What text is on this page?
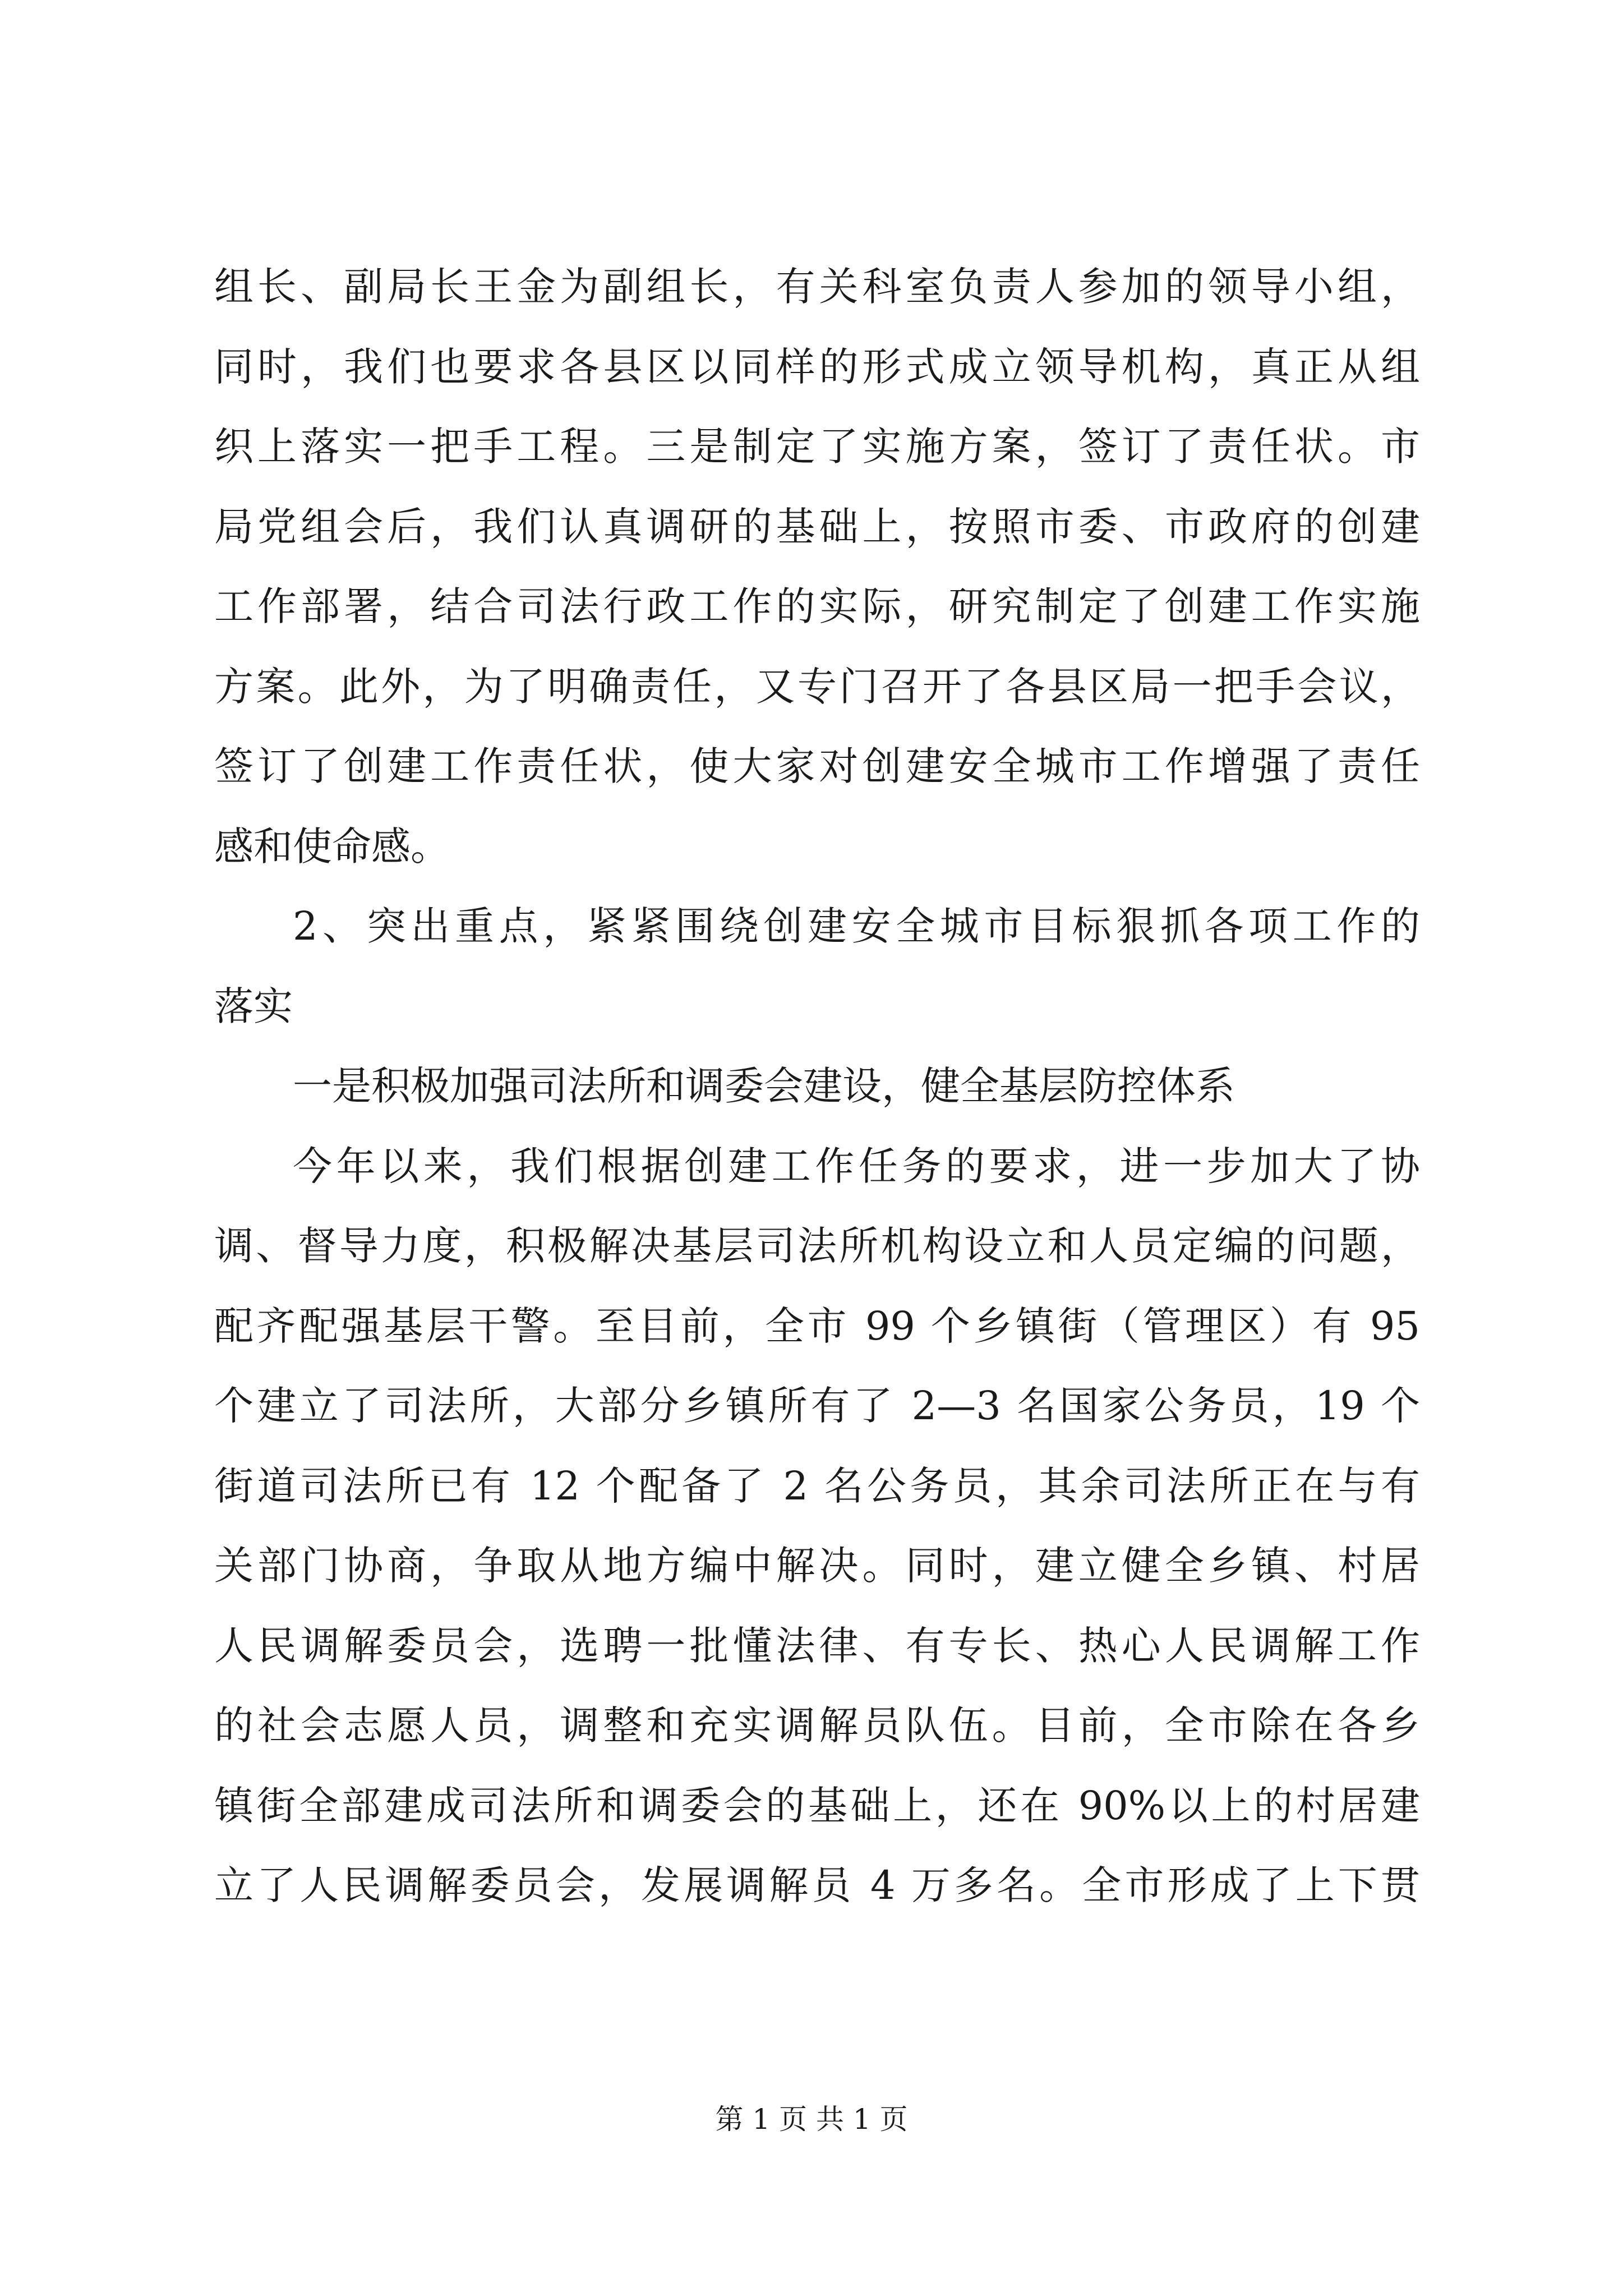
组长、副局长王金为副组长，有关科室负责人参加的领导小组，
同时，我们也要求各县区以同样的形式成立领导机构，真正从组
织上落实一把手工程。三是制定了实施方案，签订了责任状。市
局党组会后，我们认真调研的基础上，按照市委、市政府的创建
工作部署，结合司法行政工作的实际，研究制定了创建工作实施
方案。此外，为了明确责任，又专门召开了各县区局一把手会议，
签订了创建工作责任状，使大家对创建安全城市工作增强了责任
感和使命感。
2、突出重点，紧紧围绕创建安全城市目标狠抓各项工作的
落实
一是积极加强司法所和调委会建设，健全基层防控体系
今年以来，我们根据创建工作任务的要求，进一步加大了协
调、督导力度，积极解决基层司法所机构设立和人员定编的问题，
配齐配强基层干警。至目前，全市 99 个乡镇街（管理区）有 95
个建立了司法所，大部分乡镇所有了 2—3 名国家公务员，19 个
街道司法所已有 12 个配备了 2 名公务员，其余司法所正在与有
关部门协商，争取从地方编中解决。同时，建立健全乡镇、村居
人民调解委员会，选聘一批懂法律、有专长、热心人民调解工作
的社会志愿人员，调整和充实调解员队伍。目前，全市除在各乡
镇街全部建成司法所和调委会的基础上，还在 90%以上的村居建
立了人民调解委员会，发展调解员 4 万多名。全市形成了上下贯
第 1 页 共 1 页
